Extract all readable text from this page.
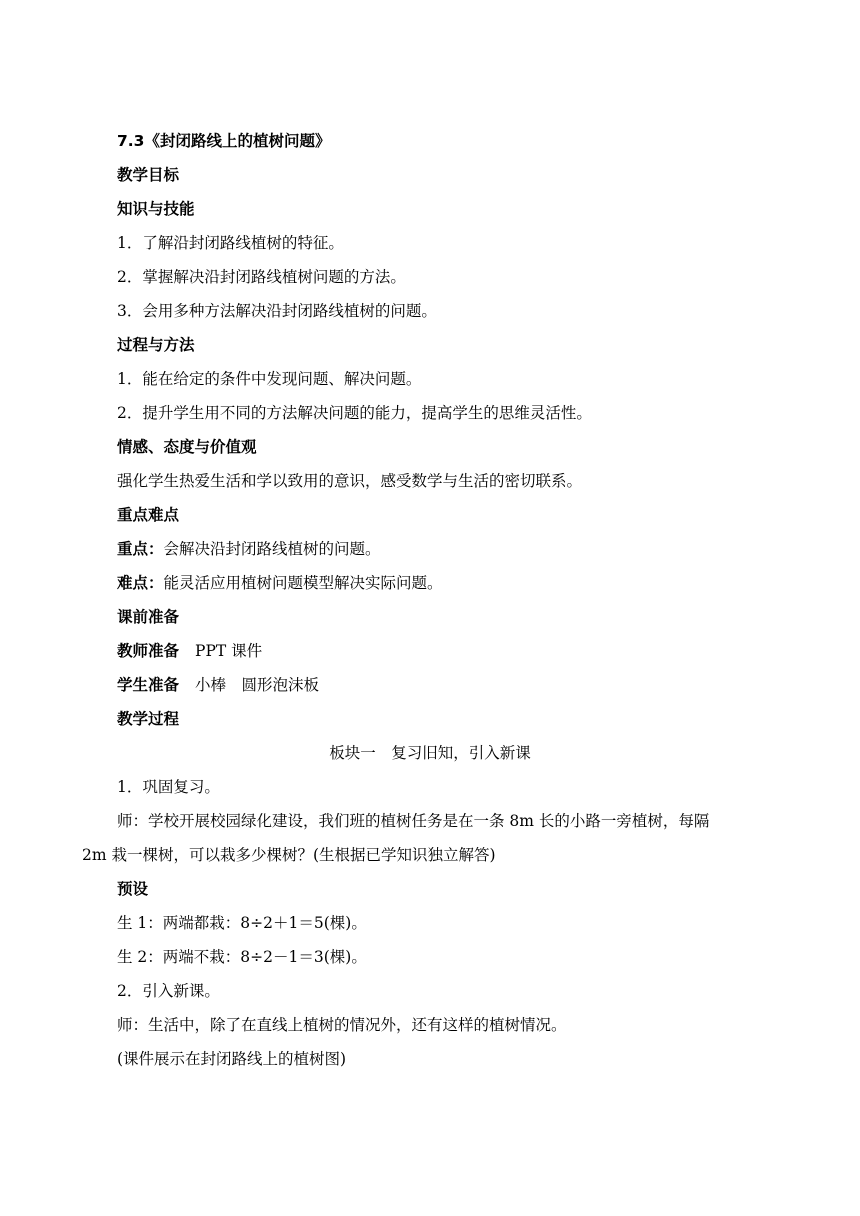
7.3《封闭路线上的植树问题》
教学目标
知识与技能
1．了解沿封闭路线植树的特征。
2．掌握解决沿封闭路线植树问题的方法。
3．会用多种方法解决沿封闭路线植树的问题。
过程与方法
1．能在给定的条件中发现问题、解决问题。
2．提升学生用不同的方法解决问题的能力，提高学生的思维灵活性。
情感、态度与价值观
强化学生热爱生活和学以致用的意识，感受数学与生活的密切联系。
重点难点
重点：会解决沿封闭路线植树的问题。
难点：能灵活应用植树问题模型解决实际问题。
课前准备
教师准备 PPT 课件
学生准备 小棒　圆形泡沫板
教学过程
板块一　复习旧知，引入新课
1．巩固复习。
师：学校开展校园绿化建设，我们班的植树任务是在一条 8m 长的小路一旁植树，每隔
2m 栽一棵树，可以栽多少棵树？(生根据已学知识独立解答)
预设
生 1：两端都栽：8÷2＋1＝5(棵)。
生 2：两端不栽：8÷2－1＝3(棵)。
2．引入新课。
师：生活中，除了在直线上植树的情况外，还有这样的植树情况。
(课件展示在封闭路线上的植树图)
